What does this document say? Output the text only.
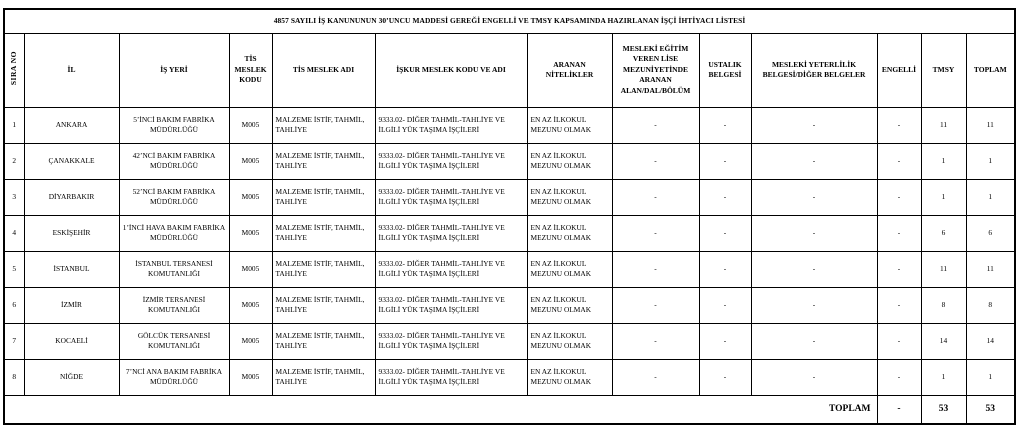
4857 SAYILI İŞ KANUNUNUN 30’UNCU MADDESİ GEREĞİ ENGELLİ VE TMSY KAPSAMINDA HAZIRLANAN İŞÇİ İHTİYACI LİSTESİ												
SIRA NO	İL	İŞ YERİ	TİS MESLEK KODU	TİS MESLEK ADI	İŞKUR MESLEK KODU VE ADI	ARANAN NİTELİKLER	MESLEKİ EĞİTİM VEREN LİSE MEZUNİYETİNDE ARANAN ALAN/DAL/BÖLÜM	USTALIK BELGESİ	MESLEKİ YETERLİLİK BELGESİ/DİĞER BELGELER	ENGELLİ	TMSY	TOPLAM
1	ANKARA	5’İNCİ BAKIM FABRİKA MÜDÜRLÜĞÜ	M005	MALZEME İSTİF, TAHMİL, TAHLİYE	9333.02- DİĞER TAHMİL-TAHLİYE VE İLGİLİ YÜK TAŞIMA İŞÇİLERİ	EN AZ İLKOKUL MEZUNU OLMAK	-	-	-	-	11	11
2	ÇANAKKALE	42’NCİ BAKIM FABRİKA MÜDÜRLÜĞÜ	M005	MALZEME İSTİF, TAHMİL, TAHLİYE	9333.02- DİĞER TAHMİL-TAHLİYE VE İLGİLİ YÜK TAŞIMA İŞÇİLERİ	EN AZ İLKOKUL MEZUNU OLMAK	-	-	-	-	1	1
3	DİYARBAKIR	52’NCİ BAKIM FABRİKA MÜDÜRLÜĞÜ	M005	MALZEME İSTİF, TAHMİL, TAHLİYE	9333.02- DİĞER TAHMİL-TAHLİYE VE İLGİLİ YÜK TAŞIMA İŞÇİLERİ	EN AZ İLKOKUL MEZUNU OLMAK	-	-	-	-	1	1
4	ESKİŞEHİR	1’İNCİ HAVA BAKIM FABRİKA MÜDÜRLÜĞÜ	M005	MALZEME İSTİF, TAHMİL, TAHLİYE	9333.02- DİĞER TAHMİL-TAHLİYE VE İLGİLİ YÜK TAŞIMA İŞÇİLERİ	EN AZ İLKOKUL MEZUNU OLMAK	-	-	-	-	6	6
5	İSTANBUL	İSTANBUL TERSANESİ KOMUTANLIĞI	M005	MALZEME İSTİF, TAHMİL, TAHLİYE	9333.02- DİĞER TAHMİL-TAHLİYE VE İLGİLİ YÜK TAŞIMA İŞÇİLERİ	EN AZ İLKOKUL MEZUNU OLMAK	-	-	-	-	11	11
6	İZMİR	İZMİR TERSANESİ KOMUTANLIĞI	M005	MALZEME İSTİF, TAHMİL, TAHLİYE	9333.02- DİĞER TAHMİL-TAHLİYE VE İLGİLİ YÜK TAŞIMA İŞÇİLERİ	EN AZ İLKOKUL MEZUNU OLMAK	-	-	-	-	8	8
7	KOCAELİ	GÖLCÜK TERSANESİ KOMUTANLIĞI	M005	MALZEME İSTİF, TAHMİL, TAHLİYE	9333.02- DİĞER TAHMİL-TAHLİYE VE İLGİLİ YÜK TAŞIMA İŞÇİLERİ	EN AZ İLKOKUL MEZUNU OLMAK	-	-	-	-	14	14
8	NİĞDE	7’NCİ ANA BAKIM FABRİKA MÜDÜRLÜĞÜ	M005	MALZEME İSTİF, TAHMİL, TAHLİYE	9333.02- DİĞER TAHMİL-TAHLİYE VE İLGİLİ YÜK TAŞIMA İŞÇİLERİ	EN AZ İLKOKUL MEZUNU OLMAK	-	-	-	-	1	1
TOPLAM										-	53	53
